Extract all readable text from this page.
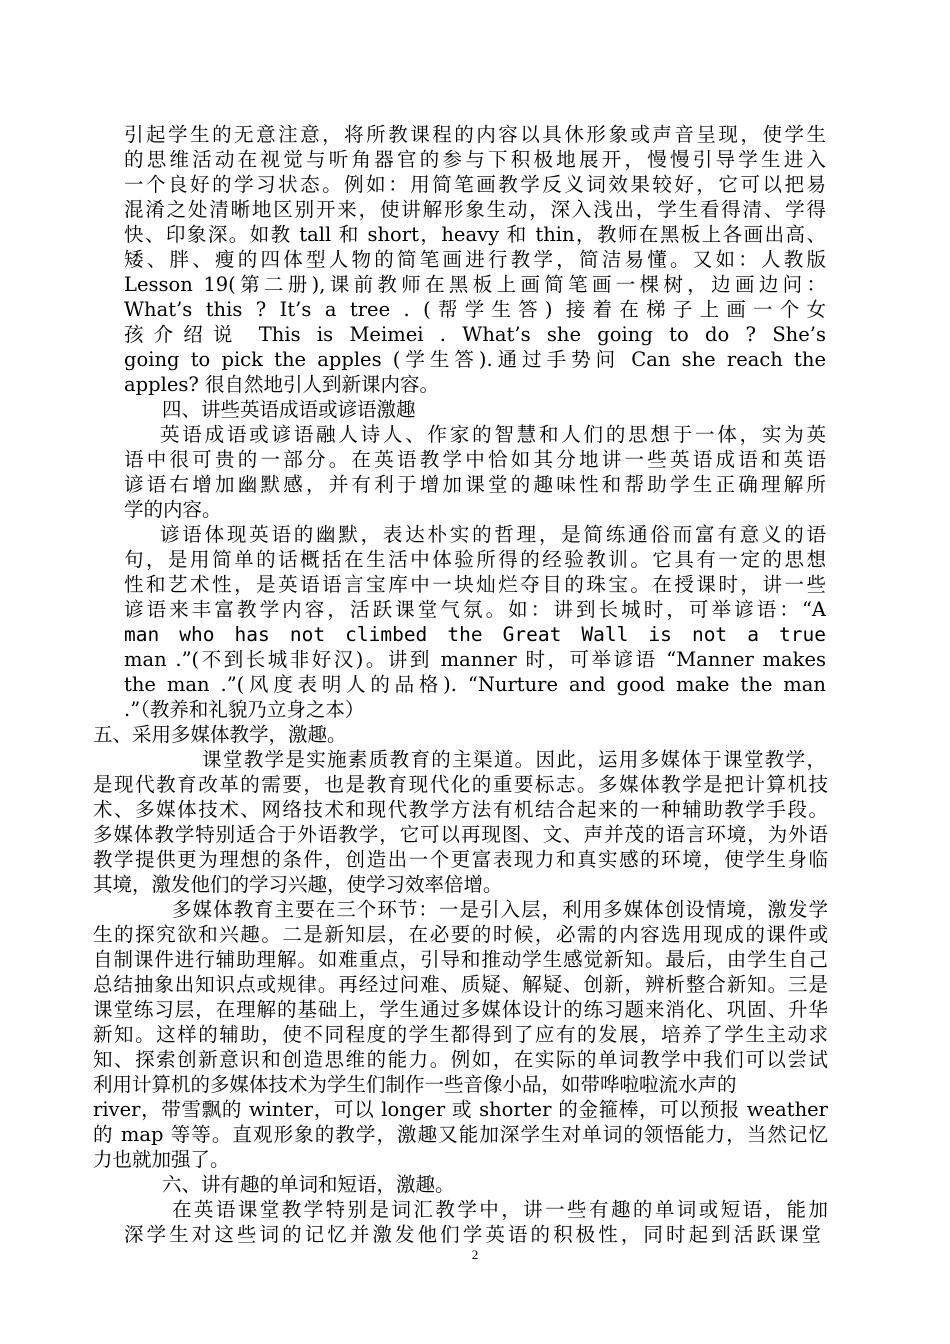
引起学生的无意注意，将所教课程的内容以具休形象或声音呈现，使学生

的思维活动在视觉与听角器官的参与下积极地展开，慢慢引导学生进入

一个良好的学习状态。例如：用简笔画教学反义词效果较好，它可以把易

混淆之处清晰地区别开来，使讲解形象生动，深入浅出，学生看得清、学得

快、印象深。如教 tall 和 short，heavy 和 thin，教师在黑板上各画出高、

矮、胖、瘦的四体型人物的简笔画进行教学，简洁易懂。又如：人教版

Lesson 19(第二册),课前教师在黑板上画简笔画一棵树，边画边问：

What’s this ? It’s a tree . (帮学生答) 接着在梯子上画一个女

孩介绍说 This is Meimei . What’s she going to do ? She’s

going to pick the apples (学生答).通过手势问 Can she reach the

apples? 很自然地引人到新课内容。

四、讲些英语成语或谚语激趣

英语成语或谚语融人诗人、作家的智慧和人们的思想于一体，实为英

语中很可贵的一部分。在英语教学中恰如其分地讲一些英语成语和英语

谚语右增加幽默感，并有利于增加课堂的趣味性和帮助学生正确理解所

学的内容。

谚语体现英语的幽默，表达朴实的哲理，是简练通俗而富有意义的语

句，是用简单的话概括在生活中体验所得的经验教训。它具有一定的思想

性和艺术性，是英语语言宝库中一块灿烂夺目的珠宝。在授课时，讲一些

谚语来丰富教学内容，活跃课堂气氛。如：讲到长城时，可举谚语：“A

man who has not climbed the Great Wall is not a true

man .”(不到长城非好汉)。讲到 manner 时，可举谚语 “Manner makes

the man .”(风度表明人的品格). “Nurture and good make the man

.”（教养和礼貌乃立身之本）

五、采用多媒体教学，激趣。

课堂教学是实施素质教育的主渠道。因此，运用多媒体于课堂教学，

是现代教育改革的需要，也是教育现代化的重要标志。多媒体教学是把计算机技

术、多媒体技术、网络技术和现代教学方法有机结合起来的一种辅助教学手段。

多媒体教学特别适合于外语教学，它可以再现图、文、声并茂的语言环境，为外语

教学提供更为理想的条件，创造出一个更富表现力和真实感的环境，使学生身临

其境，激发他们的学习兴趣，使学习效率倍增。

多媒体教育主要在三个环节：一是引入层，利用多媒体创设情境，激发学

生的探究欲和兴趣。二是新知层，在必要的时候，必需的内容选用现成的课件或

自制课件进行辅助理解。如难重点，引导和推动学生感觉新知。最后，由学生自己

总结抽象出知识点或规律。再经过问难、质疑、解疑、创新，辨析整合新知。三是

课堂练习层，在理解的基础上，学生通过多媒体设计的练习题来消化、巩固、升华

新知。这样的辅助，使不同程度的学生都得到了应有的发展，培养了学生主动求

知、探索创新意识和创造思维的能力。例如，在实际的单词教学中我们可以尝试

利用计算机的多媒体技术为学生们制作一些音像小品，如带哗啦啦流水声的

river，带雪飘的 winter，可以 longer 或 shorter 的金箍棒，可以预报 weather

的 map 等等。直观形象的教学，激趣又能加深学生对单词的领悟能力，当然记忆

力也就加强了。

六、讲有趣的单词和短语，激趣。

在英语课堂教学特别是词汇教学中，讲一些有趣的单词或短语，能加

深学生对这些词的记忆并激发他们学英语的积极性，同时起到活跃课堂

2
